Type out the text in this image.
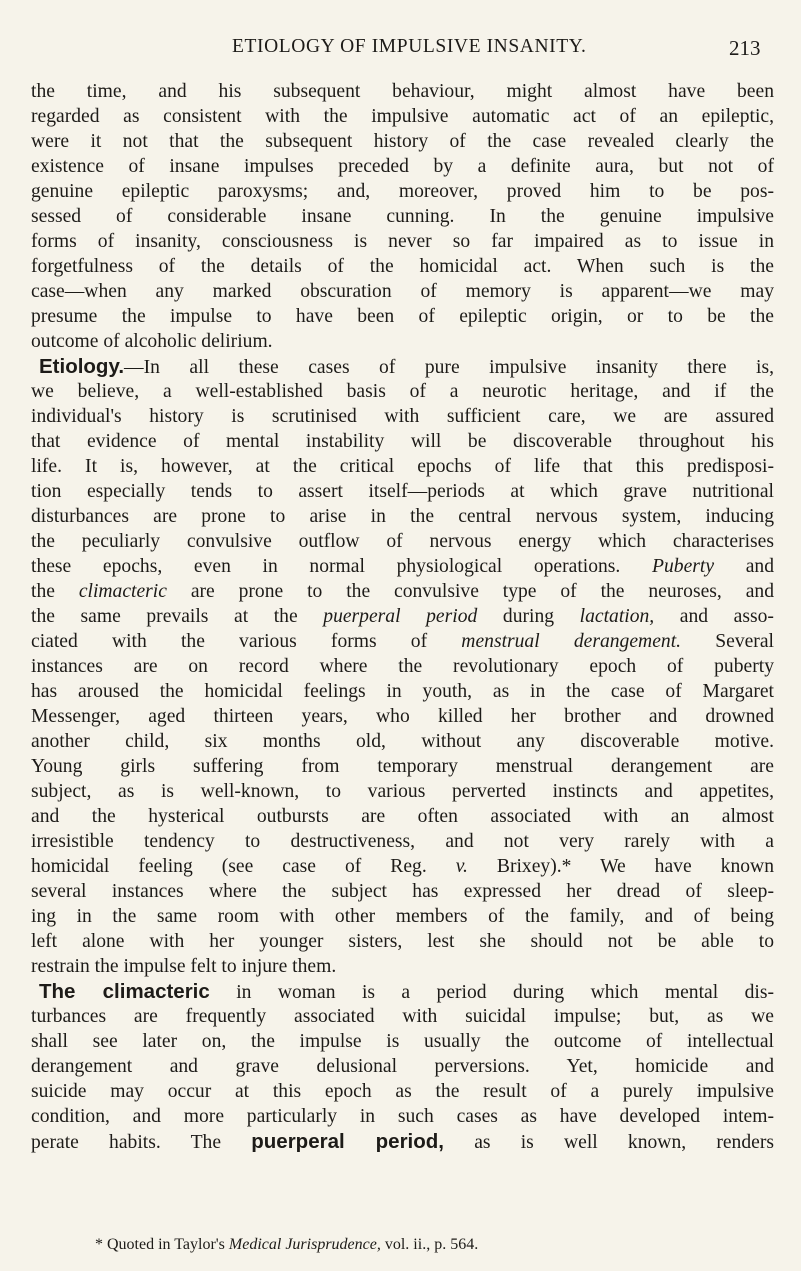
ETIOLOGY OF IMPULSIVE INSANITY.	213
the time, and his subsequent behaviour, might almost have been
regarded as consistent with the impulsive automatic act of an epileptic,
were it not that the subsequent history of the case revealed clearly the
existence of insane impulses preceded by a definite aura, but not of
genuine epileptic paroxysms; and, moreover, proved him to be pos-
sessed of considerable insane cunning. In the genuine impulsive
forms of insanity, consciousness is never so far impaired as to issue in
forgetfulness of the details of the homicidal act. When such is the
case—when any marked obscuration of memory is apparent—we may
presume the impulse to have been of epileptic origin, or to be the
outcome of alcoholic delirium.
Etiology.—In all these cases of pure impulsive insanity there is,
we believe, a well-established basis of a neurotic heritage, and if the
individual's history is scrutinised with sufficient care, we are assured
that evidence of mental instability will be discoverable throughout his
life. It is, however, at the critical epochs of life that this predisposi-
tion especially tends to assert itself—periods at which grave nutritional
disturbances are prone to arise in the central nervous system, inducing
the peculiarly convulsive outflow of nervous energy which characterises
these epochs, even in normal physiological operations. Puberty and
the climacteric are prone to the convulsive type of the neuroses, and
the same prevails at the puerperal period during lactation, and asso-
ciated with the various forms of menstrual derangement. Several
instances are on record where the revolutionary epoch of puberty
has aroused the homicidal feelings in youth, as in the case of Margaret
Messenger, aged thirteen years, who killed her brother and drowned
another child, six months old, without any discoverable motive.
Young girls suffering from temporary menstrual derangement are
subject, as is well-known, to various perverted instincts and appetites,
and the hysterical outbursts are often associated with an almost
irresistible tendency to destructiveness, and not very rarely with a
homicidal feeling (see case of Reg. v. Brixey).* We have known
several instances where the subject has expressed her dread of sleep-
ing in the same room with other members of the family, and of being
left alone with her younger sisters, lest she should not be able to
restrain the impulse felt to injure them.
The climacteric in woman is a period during which mental dis-
turbances are frequently associated with suicidal impulse; but, as we
shall see later on, the impulse is usually the outcome of intellectual
derangement and grave delusional perversions. Yet, homicide and
suicide may occur at this epoch as the result of a purely impulsive
condition, and more particularly in such cases as have developed intem-
perate habits. The puerperal period, as is well known, renders
* Quoted in Taylor's Medical Jurisprudence, vol. ii., p. 564.
